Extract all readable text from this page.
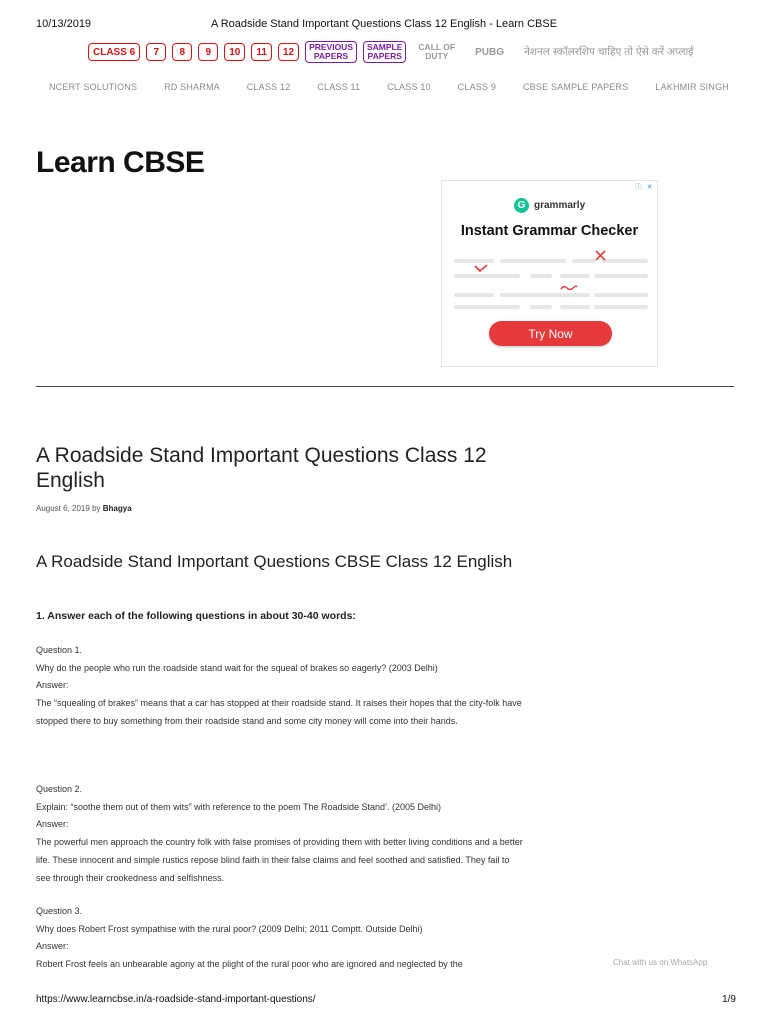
10/13/2019	A Roadside Stand Important Questions Class 12 English - Learn CBSE
CLASS 6	7	8	9	10	11	12	PREVIOUS
PAPERS
SAMPLE
PAPERS
CALL OF
DUTY	PUBG नेशनल स्कॉलरशिप चाहिए तो ऐसे करें अप्लाई
NCERT SOLUTIONS	RD SHARMA	CLASS 12	CLASS 11	CLASS 10	CLASS 9	CBSE SAMPLE PAPERS	LAKHMIR SINGH
Learn CBSE
ⓘ ✕
G grammarly
Instant Grammar Checker
Try Now
A Roadside Stand Important Questions Class 12 English
August 6, 2019 by Bhagya
A Roadside Stand Important Questions CBSE Class 12 English

1. Answer each of the following questions in about 30-40 words:

Question 1.

Why do the people who run the roadside stand wait for the squeal of brakes so eagerly? (2003 Delhi)

Answer:

The “squealing of brakes” means that a car has stopped at their roadside stand. It raises their hopes that the city-folk have stopped there to buy something from their roadside stand and some city money will come into their hands.

Question 2.

Explain: “soothe them out of them wits” with reference to the poem The Roadside Stand’. (2005 Delhi)

Answer:

The powerful men approach the country folk with false promises of providing them with better living conditions and a better life. These innocent and simple rustics repose blind faith in their false claims and feel soothed and satisfied. They fail to see through their crookedness and selfishness.

Question 3.

Why does Robert Frost sympathise with the rural poor? (2009 Delhi; 2011 Comptt. Outside Delhi)

Answer:

Robert Frost feels an unbearable agony at the plight of the rural poor who are ignored and neglected by the	Chat with us on WhatsApp
https://www.learncbse.in/a-roadside-stand-important-questions/	1/9
